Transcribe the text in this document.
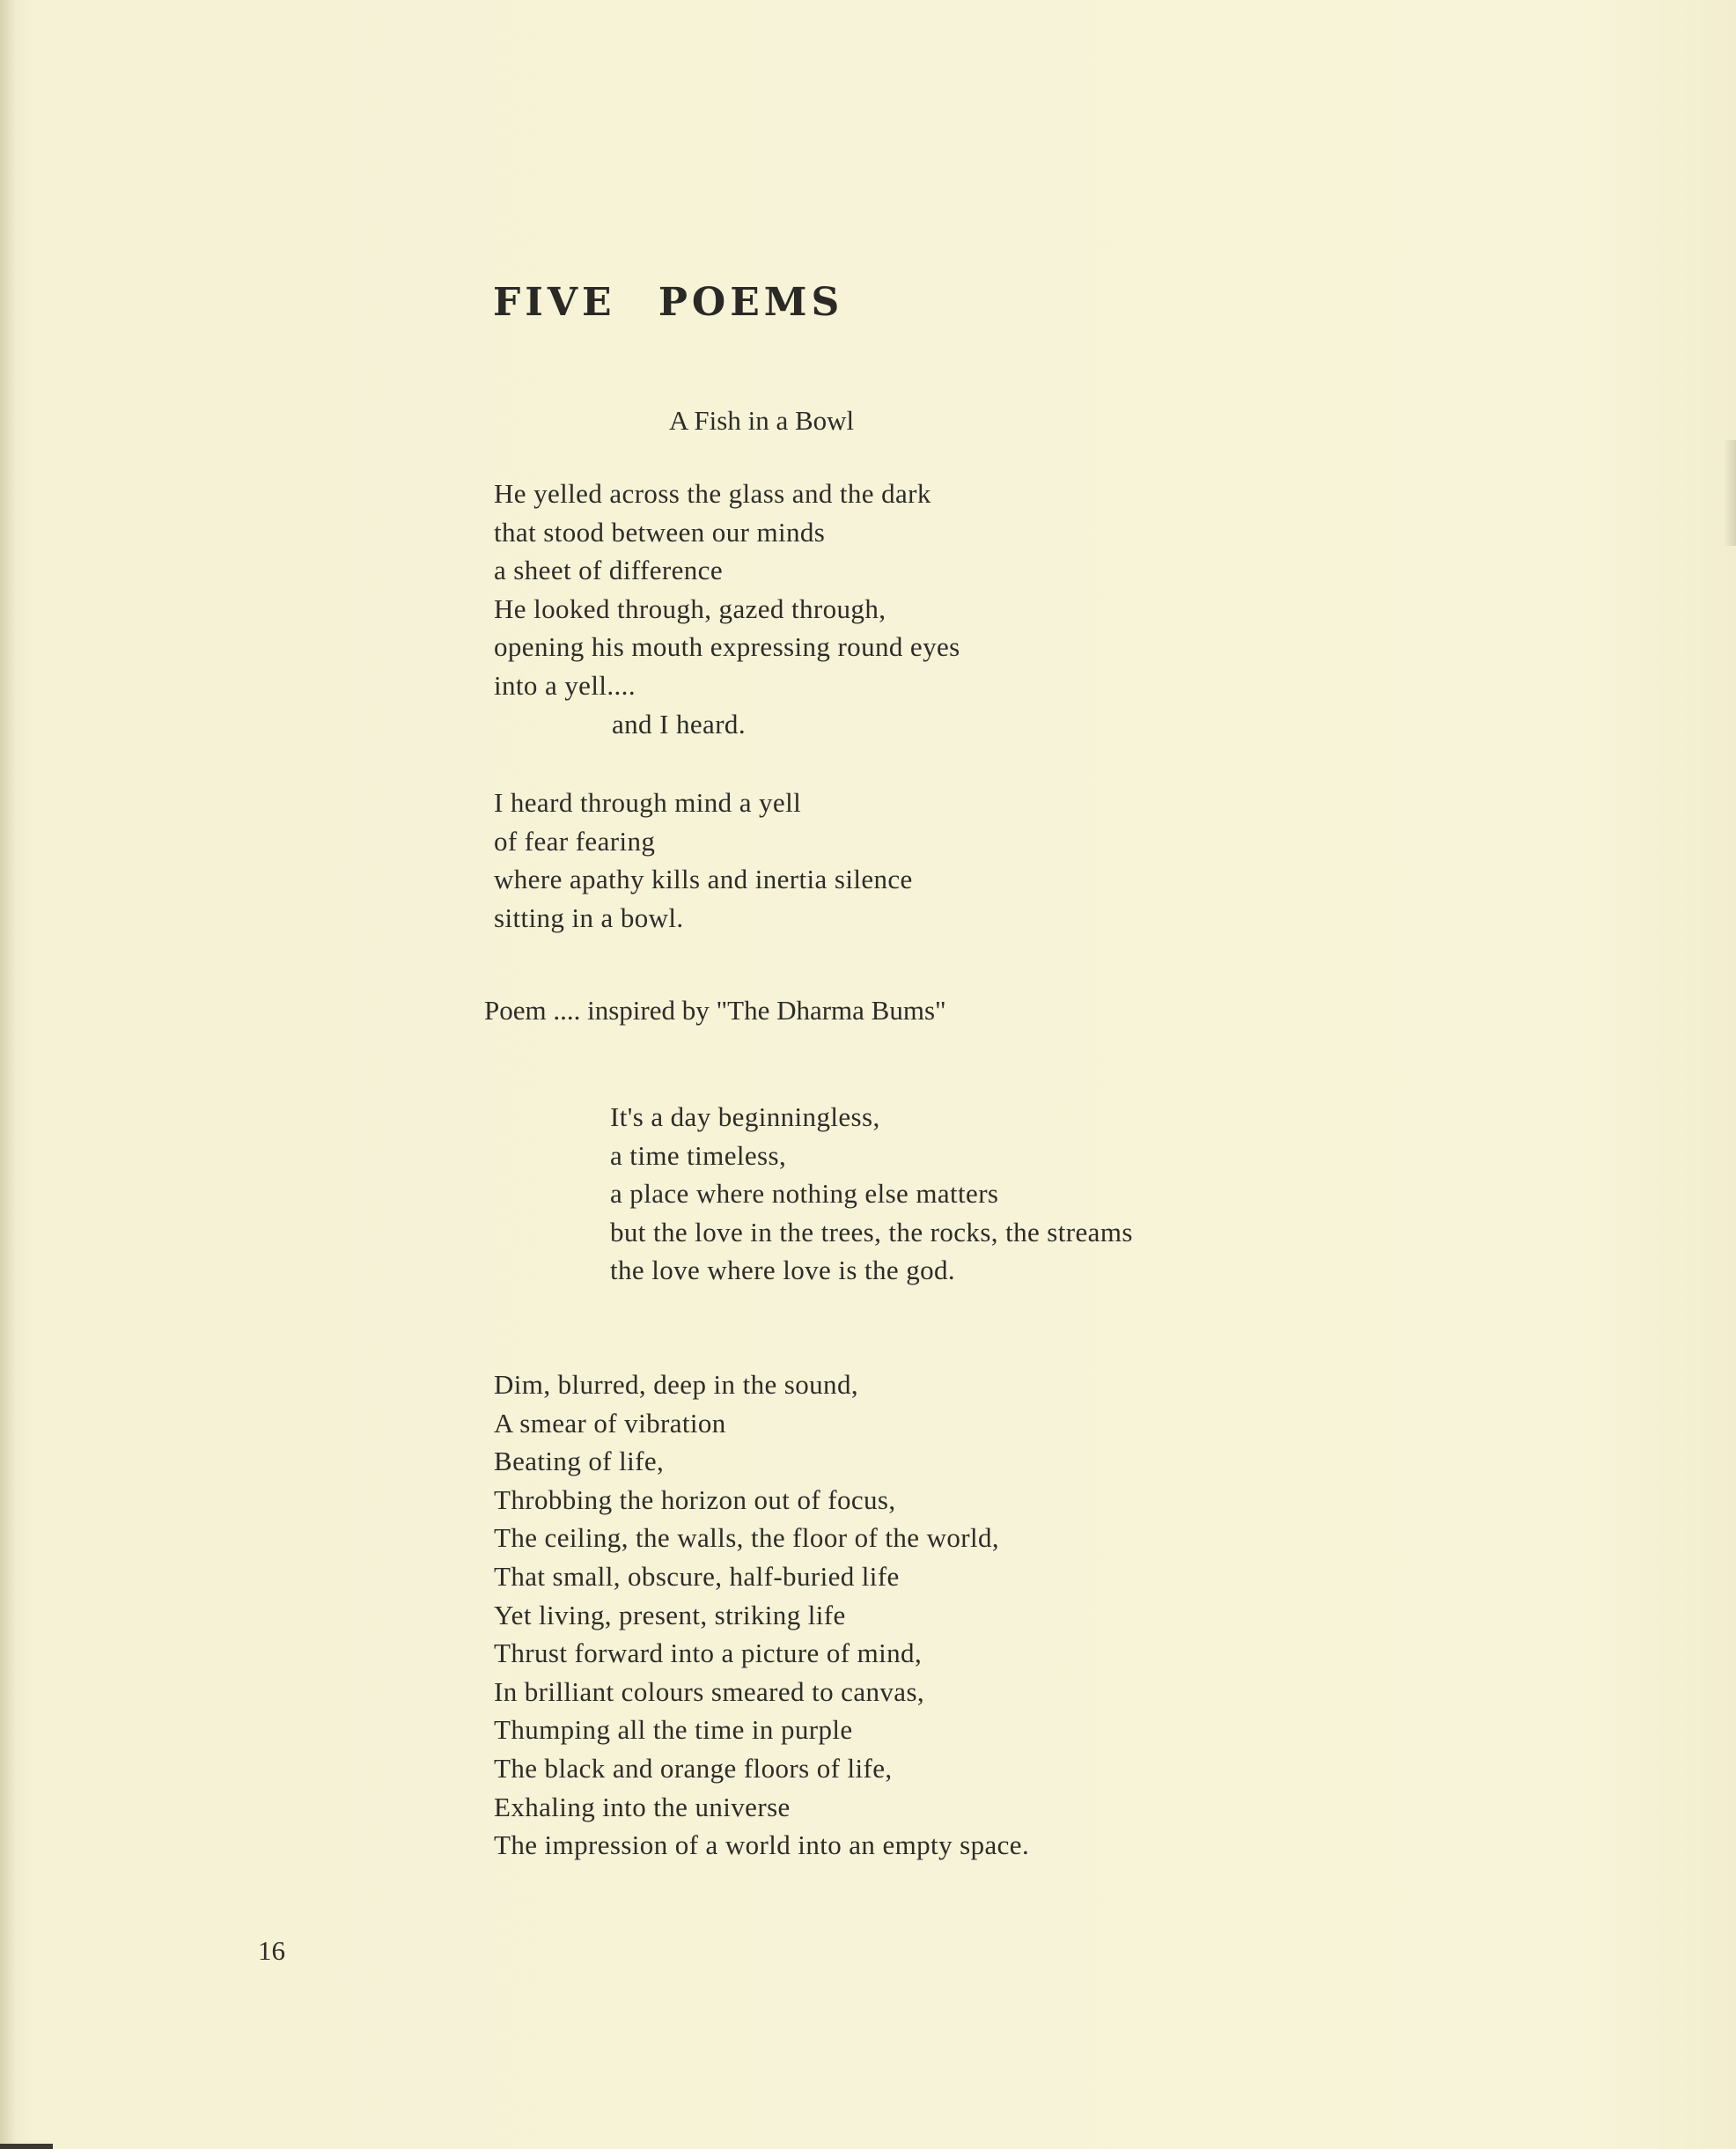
FIVE POEMS
A Fish in a Bowl
He yelled across the glass and the dark
that stood between our minds
a sheet of difference
He looked through, gazed through,
opening his mouth expressing round eyes
into a yell....
and I heard.
I heard through mind a yell
of fear fearing
where apathy kills and inertia silence
sitting in a bowl.
Poem .... inspired by "The Dharma Bums"
It's a day beginningless,
a time timeless,
a place where nothing else matters
but the love in the trees, the rocks, the streams
the love where love is the god.
Dim, blurred, deep in the sound,
A smear of vibration
Beating of life,
Throbbing the horizon out of focus,
The ceiling, the walls, the floor of the world,
That small, obscure, half-buried life
Yet living, present, striking life
Thrust forward into a picture of mind,
In brilliant colours smeared to canvas,
Thumping all the time in purple
The black and orange floors of life,
Exhaling into the universe
The impression of a world into an empty space.
16
